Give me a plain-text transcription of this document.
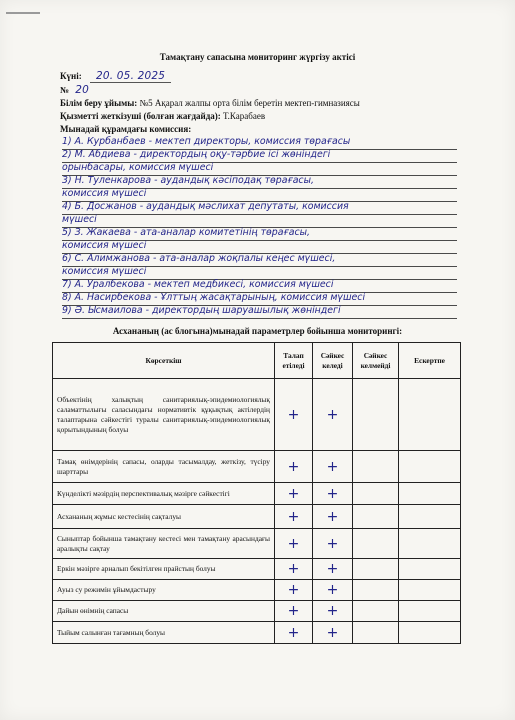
Тамақтану сапасына мониторинг жүргізу актісі
Күні: 20. 05. 2025
№ 20
Білім беру ұйымы: №5 Ақарал жалпы орта білім беретін мектеп-гимназиясы
Қызметті жеткізуші (болған жағдайда): Т.Карабаев
Мынадай құрамдағы комиссия:
1) А. Курбанбаев - мектеп директоры, комиссия төрағасы
2) М. Абдиева - директордың оқу-тәрбие ісі жөніндегі
орынбасары, комиссия мүшесі
3) Н. Туленкарова - аудандық кәсіподақ төрағасы,
комиссия мүшесі
4) Б. Досжанов - аудандық мәслихат депутаты, комиссия
мүшесі
5) З. Жакаева - ата-аналар комитетінің төрағасы,
комиссия мүшесі
6) С. Алимжанова - ата-аналар жоқпалы кеңес мүшесі,
комиссия мүшесі
7) А. Уралбекова - мектеп медбикесі, комиссия мүшесі
8) А. Насирбекова - Ұлттың жасақтарының, комиссия мүшесі
9) Ә. Ысмаилова - директордың шаруашылық жөніндегі
Асхананың (ас блогына)мынадай параметрлер бойынша мониторингі:
Көрсеткіш	Талап етіледі	Сәйкес келеді	Сәйкес келмейді	Ескертпе
Объектінің халықтың санитариялық-эпидемиологиялық саламаттылығы саласындағы нормативтік құқықтық актілердің талаптарына сәйкестігі туралы санитариялық-эпидемиологиялық қорытындының болуы	+	+		
Тамақ өнімдерінің сапасы, оларды тасымалдау, жеткізу, түсіру шарттары	+	+		
Күнделікті мәзірдің перспективалық мәзірге сәйкестігі	+	+		
Асхананың жұмыс кестесінің сақталуы	+	+		
Сыныптар бойынша тамақтану кестесі мен тамақтану арасындағы аралықты сақтау	+	+		
Еркін мәзірге арналып бекітілген прайстың болуы	+	+		
Ауыз су режимін ұйымдастыру	+	+		
Дайын өнімнің сапасы	+	+		
Тыйым салынған тағамның болуы	+	+		
